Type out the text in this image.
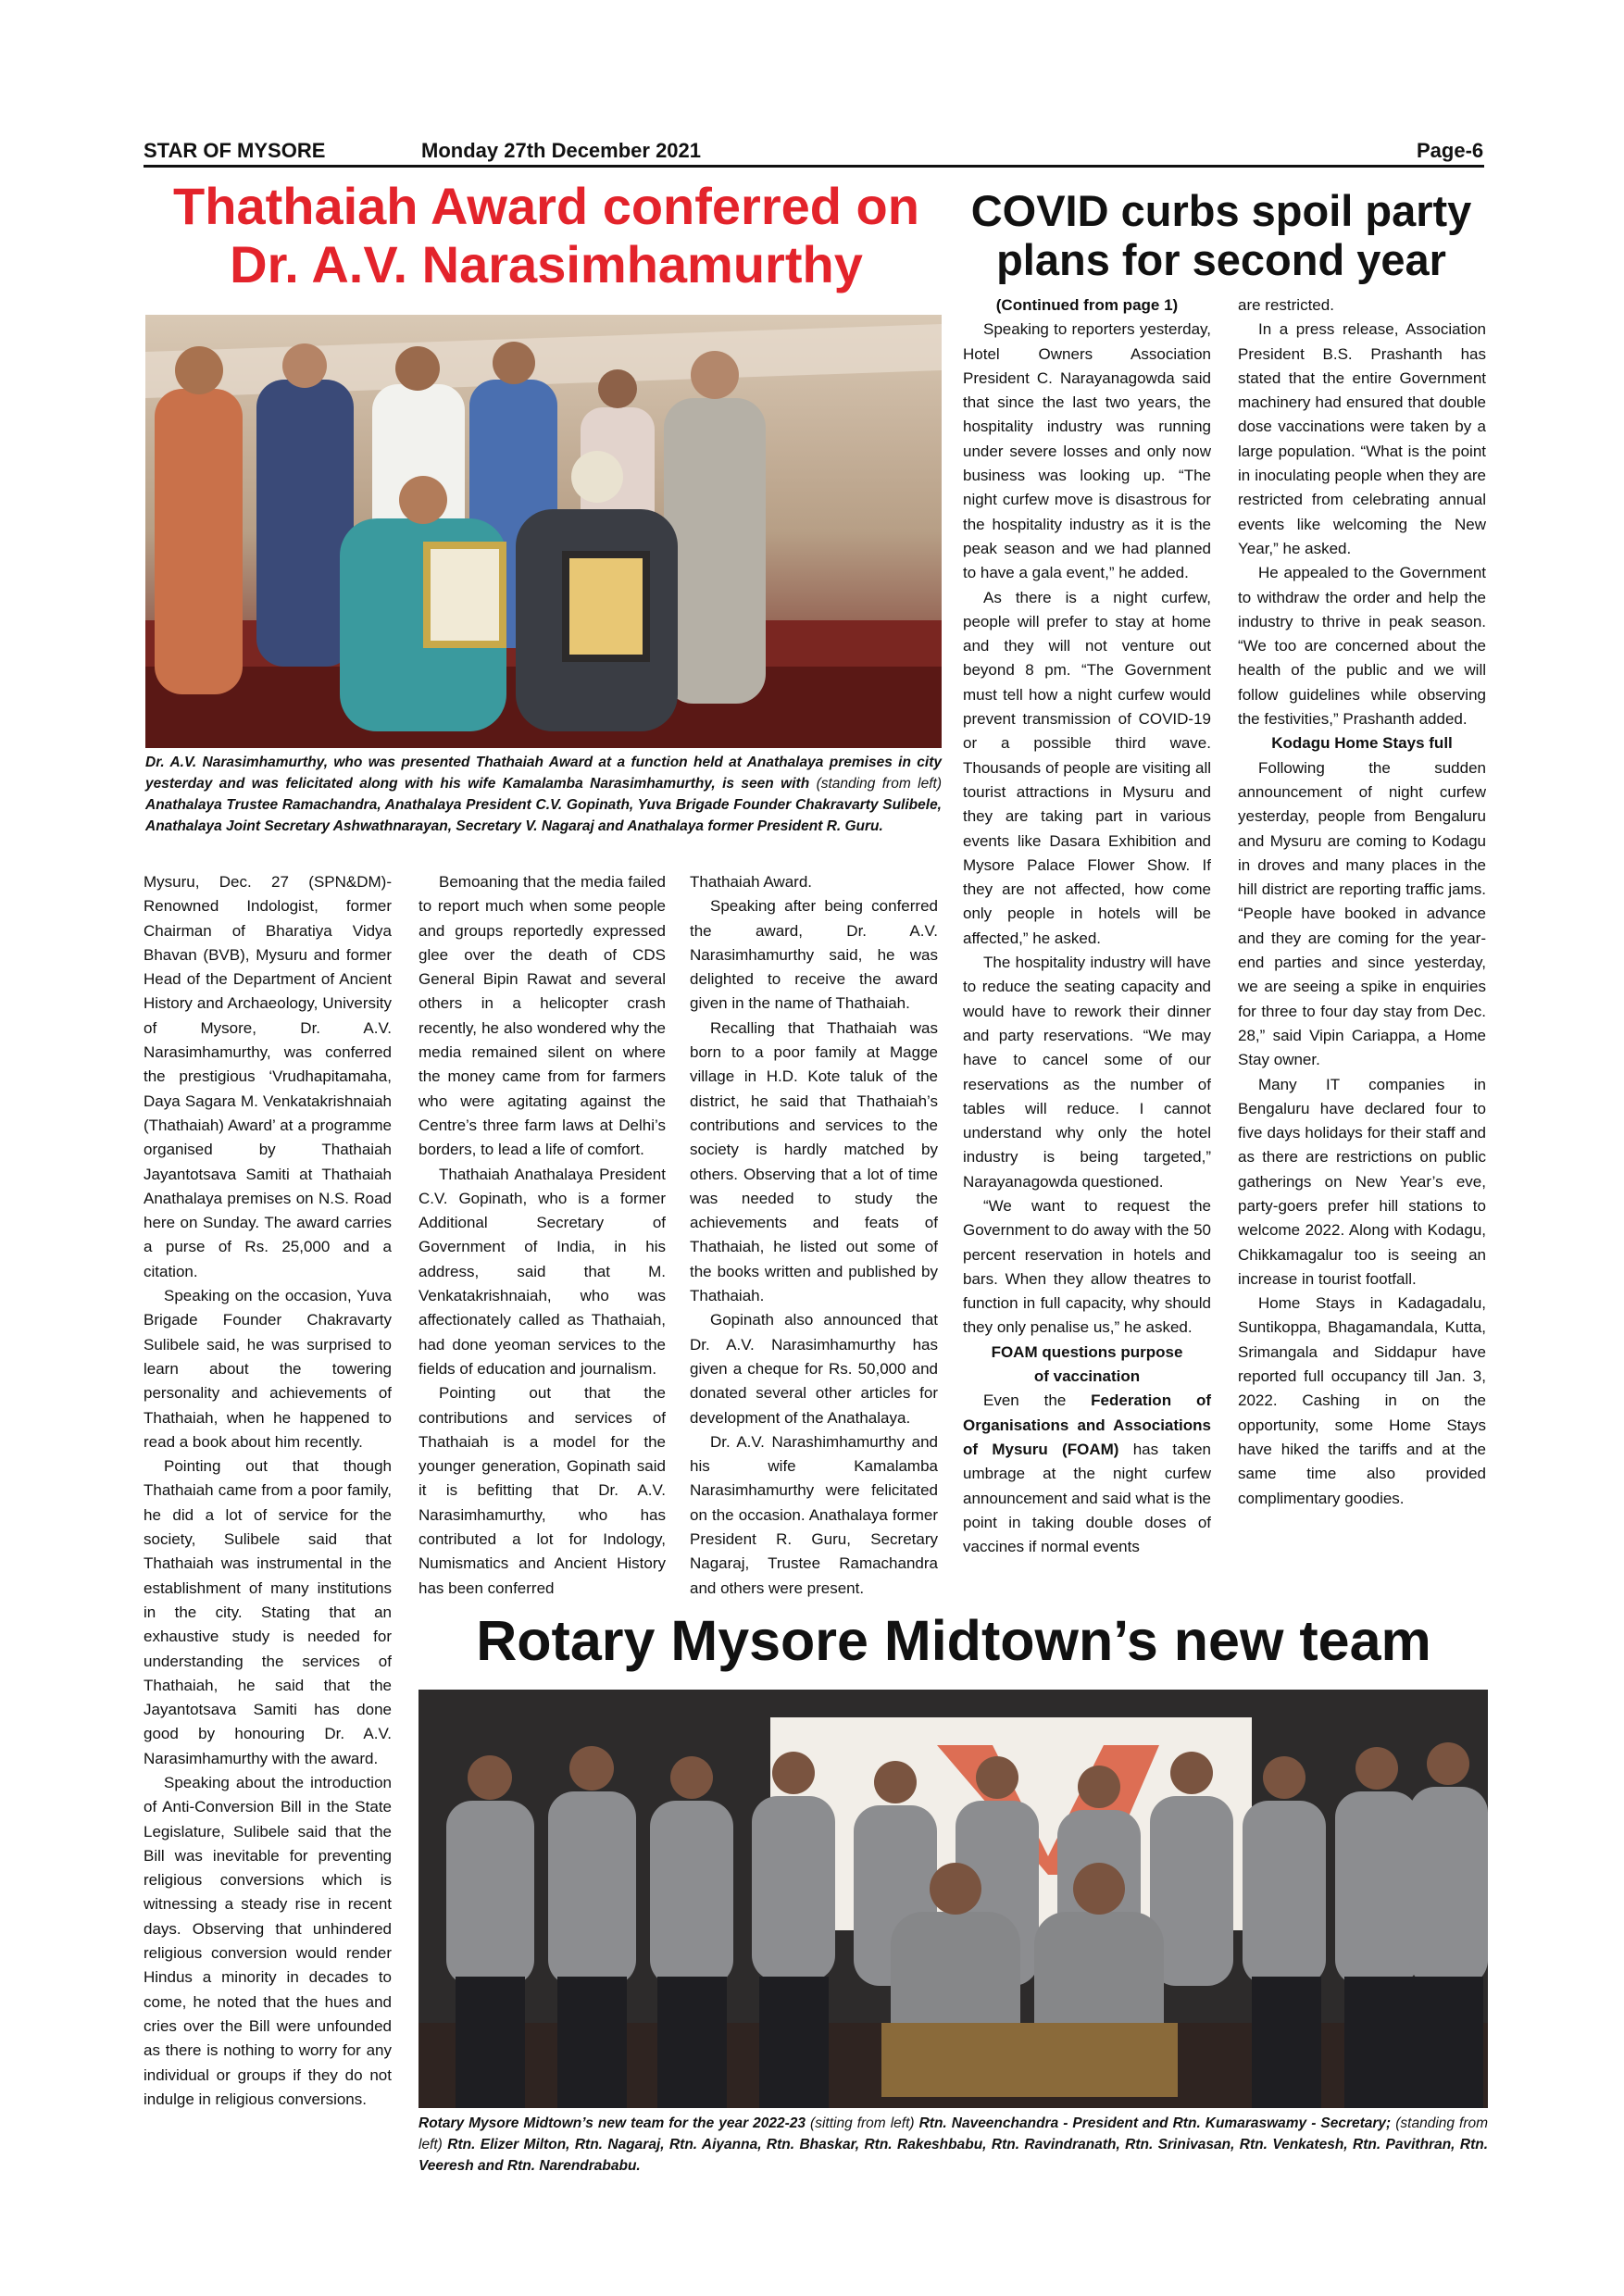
STAR OF MYSORE	Monday 27th December 2021	Page-6
Thathaiah Award conferred on
Dr. A.V. Narasimhamurthy
Dr. A.V. Narasimhamurthy, who was presented Thathaiah Award at a function held at Anathalaya premises in city yesterday and was felicitated along with his wife Kamalamba Narasimhamurthy, is seen with (standing from left) Anathalaya Trustee Ramachandra, Anathalaya President C.V. Gopinath, Yuva Brigade Founder Chakravarty Sulibele, Anathalaya Joint Secretary Ashwathnarayan, Secretary V. Nagaraj and Anathalaya former President R. Guru.

Mysuru, Dec. 27 (SPN&DM)- Renowned Indologist, former Chairman of Bharatiya Vidya Bhavan (BVB), Mysuru and former Head of the Department of Ancient History and Archaeology, University of Mysore, Dr. A.V. Narasimhamurthy, was conferred the prestigious ‘Vrudhapitamaha, Daya Sagara M. Venkatakrishnaiah (Thathaiah) Award’ at a programme organised by Thathaiah Jayantotsava Samiti at Thathaiah Anathalaya premises on N.S. Road here on Sunday. The award carries a purse of Rs. 25,000 and a citation.

Speaking on the occasion, Yuva Brigade Founder Chakravarty Sulibele said, he was surprised to learn about the towering personality and achievements of Thathaiah, when he happened to read a book about him recently.

Pointing out that though Thathaiah came from a poor family, he did a lot of service for the society, Sulibele said that Thathaiah was instrumental in the establishment of many institutions in the city. Stating that an exhaustive study is needed for understanding the services of Thathaiah, he said that the Jayantotsava Samiti has done good by honouring Dr. A.V. Narasimhamurthy with the award.

Speaking about the introduction of Anti-Conversion Bill in the State Legislature, Sulibele said that the Bill was inevitable for preventing religious conversions which is witnessing a steady rise in recent days. Observing that unhindered religious conversion would render Hindus a minority in decades to come, he noted that the hues and cries over the Bill were unfounded as there is nothing to worry for any individual or groups if they do not indulge in religious conversions.

Bemoaning that the media failed to report much when some people and groups reportedly expressed glee over the death of CDS General Bipin Rawat and several others in a helicopter crash recently, he also wondered why the media remained silent on where the money came from for farmers who were agitating against the Centre’s three farm laws at Delhi’s borders, to lead a life of comfort.

Thathaiah Anathalaya President C.V. Gopinath, who is a former Additional Secretary of Government of India, in his address, said that M. Venkatakrishnaiah, who was affectionately called as Thathaiah, had done yeoman services to the fields of education and journalism.

Pointing out that the contributions and services of Thathaiah is a model for the younger generation, Gopinath said it is befitting that Dr. A.V. Narasimhamurthy, who has contributed a lot for Indology, Numismatics and Ancient History has been conferred

Thathaiah Award.

Speaking after being conferred the award, Dr. A.V. Narasimhamurthy said, he was delighted to receive the award given in the name of Thathaiah.

Recalling that Thathaiah was born to a poor family at Magge village in H.D. Kote taluk of the district, he said that Thathaiah’s contributions and services to the society is hardly matched by others. Observing that a lot of time was needed to study the achievements and feats of Thathaiah, he listed out some of the books written and published by Thathaiah.

Gopinath also announced that Dr. A.V. Narasimhamurthy has given a cheque for Rs. 50,000 and donated several other articles for development of the Anathalaya.

Dr. A.V. Narashimhamurthy and his wife Kamalamba Narasimhamurthy were felicitated on the occasion. Anathalaya former President R. Guru, Secretary Nagaraj, Trustee Ramachandra and others were present.

COVID curbs spoil party
plans for second year

(Continued from page 1)

Speaking to reporters yesterday, Hotel Owners Association President C. Narayanagowda said that since the last two years, the hospitality industry was running under severe losses and only now business was looking up. “The night curfew move is disastrous for the hospitality industry as it is the peak season and we had planned to have a gala event,” he added.

As there is a night curfew, people will prefer to stay at home and they will not venture out beyond 8 pm. “The Government must tell how a night curfew would prevent transmission of COVID-19 or a possible third wave. Thousands of people are visiting all tourist attractions in Mysuru and they are taking part in various events like Dasara Exhibition and Mysore Palace Flower Show. If they are not affected, how come only people in hotels will be affected,” he asked.

The hospitality industry will have to reduce the seating capacity and would have to rework their dinner and party reservations. “We may have to cancel some of our reservations as the number of tables will reduce. I cannot understand why only the hotel industry is being targeted,” Narayanagowda questioned.

“We want to request the Government to do away with the 50 percent reservation in hotels and bars. When they allow theatres to function in full capacity, why should they only penalise us,” he asked.

FOAM questions purpose
of vaccination

Even the Federation of Organisations and Associations of Mysuru (FOAM) has taken umbrage at the night curfew announcement and said what is the point in taking double doses of vaccines if normal events

are restricted.

In a press release, Association President B.S. Prashanth has stated that the entire Government machinery had ensured that double dose vaccinations were taken by a large population. “What is the point in inoculating people when they are restricted from celebrating annual events like welcoming the New Year,” he asked.

He appealed to the Government to withdraw the order and help the industry to thrive in peak season. “We too are concerned about the health of the public and we will follow guidelines while observing the festivities,” Prashanth added.

Kodagu Home Stays full

Following the sudden announcement of night curfew yesterday, people from Bengaluru and Mysuru are coming to Kodagu in droves and many places in the hill district are reporting traffic jams. “People have booked in advance and they are coming for the year-end parties and since yesterday, we are seeing a spike in enquiries for three to four day stay from Dec. 28,” said Vipin Cariappa, a Home Stay owner.

Many IT companies in Bengaluru have declared four to five days holidays for their staff and as there are restrictions on public gatherings on New Year’s eve, party-goers prefer hill stations to welcome 2022. Along with Kodagu, Chikkamagalur too is seeing an increase in tourist footfall.

Home Stays in Kadagadalu, Suntikoppa, Bhagamandala, Kutta, Srimangala and Siddapur have reported full occupancy till Jan. 3, 2022. Cashing in on the opportunity, some Home Stays have hiked the tariffs and at the same time also provided complimentary goodies.

Rotary Mysore Midtown’s new team
Rotary Mysore Midtown’s new team for the year 2022-23 (sitting from left) Rtn. Naveenchandra - President and Rtn. Kumaraswamy - Secretary; (standing from left) Rtn. Elizer Milton, Rtn. Nagaraj, Rtn. Aiyanna, Rtn. Bhaskar, Rtn. Rakeshbabu, Rtn. Ravindranath, Rtn. Srinivasan, Rtn. Venkatesh, Rtn. Pavithran, Rtn. Veeresh and Rtn. Narendrababu.
